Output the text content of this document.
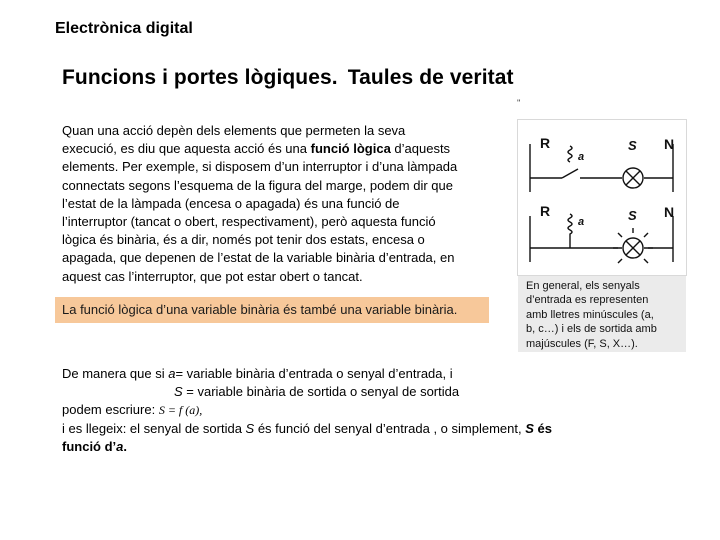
Electrònica digital
Funcions i portes lògiques. Taules de veritat
Quan una acció depèn dels elements que permeten la seva
execució, es diu que aquesta acció és una funció lògica d’aquests
elements. Per exemple, si disposem d’un interruptor i d’una làmpada
connectats segons l’esquema de la figura del marge, podem dir que
l’estat de la làmpada (encesa o apagada) és una funció de
l’interruptor (tancat o obert, respectivament), però aquesta funció
lògica és binària, és a dir, només pot tenir dos estats, encesa o
apagada, que depenen de l’estat de la variable binària d’entrada, en
aquest cas l’interruptor, que pot estar obert o tancat.
La funció lògica d’una variable binària és també una variable binària.
''
R
a
S N
R
a	S N
En general, els senyals
d’entrada es representen
amb lletres minúscules (a,
b, c…) i els de sortida amb
majúscules (F, S, X…).
De manera que si a= variable binària d’entrada o senyal d’entrada, i
S = variable binària de sortida o senyal de sortida
podem escriure: S = f (a),
i es llegeix: el senyal de sortida S és funció del senyal d’entrada , o simplement, S és
funció d’a.
